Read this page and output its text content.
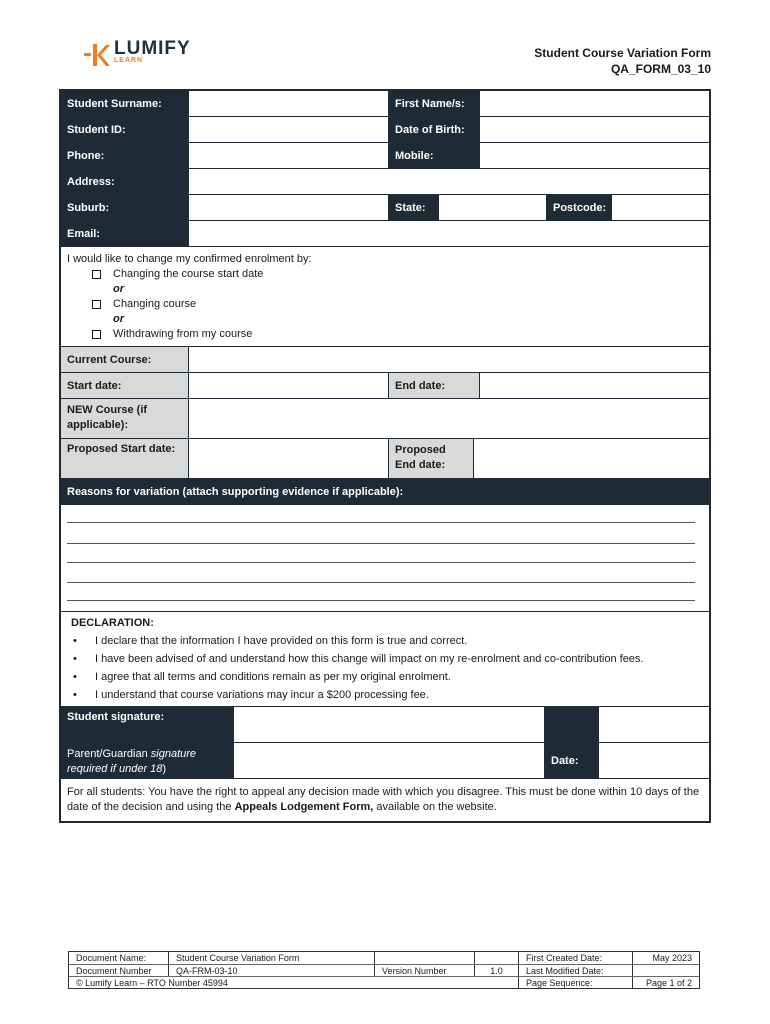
LUMIFY
LEARN
Student Course Variation Form
QA_FORM_03_10
Student Surname:	First Name/s:
Student ID:	Date of Birth:
Phone:	Mobile:
Address:
Suburb:	State:	Postcode:
Email:
I would like to change my confirmed enrolment by:
Changing the course start date
or
Changing course
or
Withdrawing from my course
Current Course:
Start date:	End date:
NEW Course (if applicable):
Proposed Start date:	Proposed End date:
Reasons for variation (attach supporting evidence if applicable):
DECLARATION:
• I declare that the information I have provided on this form is true and correct.
• I have been advised of and understand how this change will impact on my re-enrolment and co-contribution fees.
• I agree that all terms and conditions remain as per my original enrolment.
• I understand that course variations may incur a $200 processing fee.
Student signature:
Parent/Guardian signature required if under 18)
Date:
For all students: You have the right to appeal any decision made with which you disagree. This must be done within 10 days of the date of the decision and using the Appeals Lodgement Form, available on the website.
Document Name:	Student Course Variation Form	First Created Date:	May 2023
Document Number	QA-FRM-03-10	Version Number	1.0	Last Modified Date:
© Lumify Learn – RTO Number 45994	Page Sequence:	Page 1 of 2
